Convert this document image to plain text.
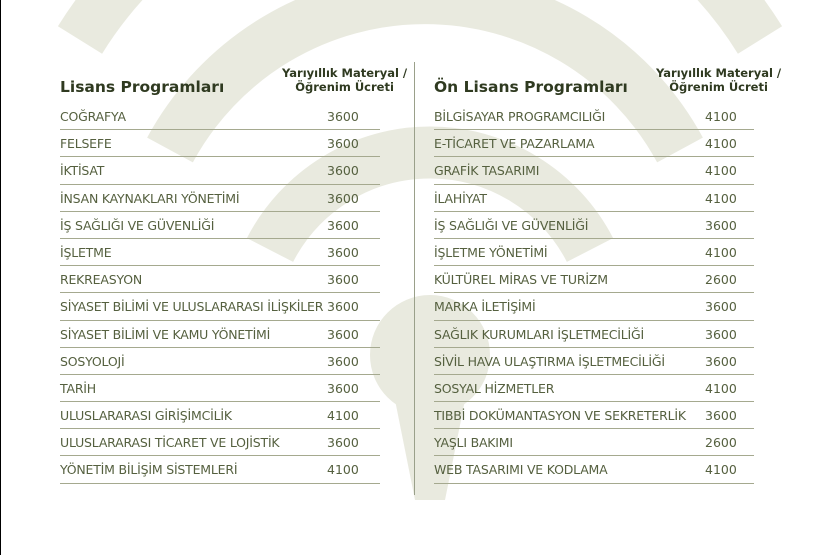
Lisans Programları
Yarıyıllık Materyal /
Öğrenim Ücreti
COĞRAFYA	3600
FELSEFE	3600
İKTİSAT	3600
İNSAN KAYNAKLARI YÖNETİMİ	3600
İŞ SAĞLIĞI VE GÜVENLİĞİ	3600
İŞLETME	3600
REKREASYON	3600
SİYASET BİLİMİ VE ULUSLARARASI İLİŞKİLER 3600
SİYASET BİLİMİ VE KAMU YÖNETİMİ	3600
SOSYOLOJİ	3600
TARİH	3600
ULUSLARARASI GİRİŞİMCİLİK	4100
ULUSLARARASI TİCARET VE LOJİSTİK	3600
YÖNETİM BİLİŞİM SİSTEMLERİ	4100
Ön Lisans Programları
Yarıyıllık Materyal /
Öğrenim Ücreti
BİLGİSAYAR PROGRAMCILIĞI	4100
E-TİCARET VE PAZARLAMA	4100
GRAFİK TASARIMI	4100
İLAHİYAT	4100
İŞ SAĞLIĞI VE GÜVENLİĞİ	3600
İŞLETME YÖNETİMİ	4100
KÜLTÜREL MİRAS VE TURİZM	2600
MARKA İLETİŞİMİ	3600
SAĞLIK KURUMLARI İŞLETMECİLİĞİ	3600
SİVİL HAVA ULAŞTIRMA İŞLETMECİLİĞİ	3600
SOSYAL HİZMETLER	4100
TIBBİ DOKÜMANTASYON VE SEKRETERLİK 3600
YAŞLI BAKIMI	2600
WEB TASARIMI VE KODLAMA	4100
